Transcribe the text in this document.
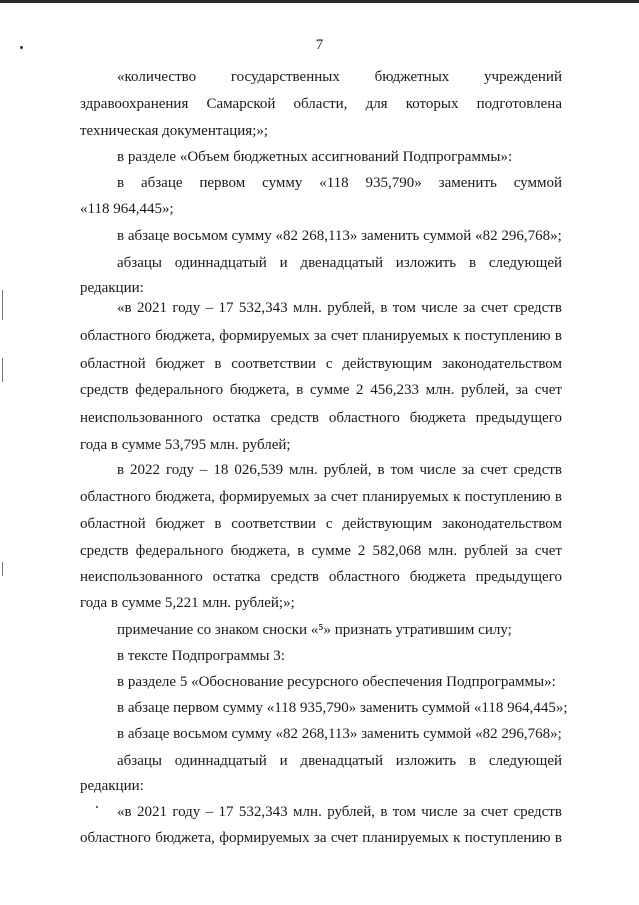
7
«количество государственных бюджетных учреждений
здравоохранения Самарской области, для которых подготовлена
техническая документация;»;
в разделе «Объем бюджетных ассигнований Подпрограммы»:
в абзаце первом сумму «118 935,790» заменить суммой
«118 964,445»;
в абзаце восьмом сумму «82 268,113» заменить суммой «82 296,768»;
абзацы одиннадцатый и двенадцатый изложить в следующей
редакции:
«в 2021 году – 17 532,343 млн. рублей, в том числе за счет средств
областного бюджета, формируемых за счет планируемых к поступлению в
областной бюджет в соответствии с действующим законодательством
средств федерального бюджета, в сумме 2 456,233 млн. рублей, за счет
неиспользованного остатка средств областного бюджета предыдущего
года в сумме 53,795 млн. рублей;
в 2022 году – 18 026,539 млн. рублей, в том числе за счет средств
областного бюджета, формируемых за счет планируемых к поступлению в
областной бюджет в соответствии с действующим законодательством
средств федерального бюджета, в сумме 2 582,068 млн. рублей за счет
неиспользованного остатка средств областного бюджета предыдущего
года в сумме 5,221 млн. рублей;»;
примечание со знаком сноски «⁵» признать утратившим силу;
в тексте Подпрограммы 3:
в разделе 5 «Обоснование ресурсного обеспечения Подпрограммы»:
в абзаце первом сумму «118 935,790» заменить суммой «118 964,445»;
в абзаце восьмом сумму «82 268,113» заменить суммой «82 296,768»;
абзацы одиннадцатый и двенадцатый изложить в следующей
редакции:
«в 2021 году – 17 532,343 млн. рублей, в том числе за счет средств
областного бюджета, формируемых за счет планируемых к поступлению в
